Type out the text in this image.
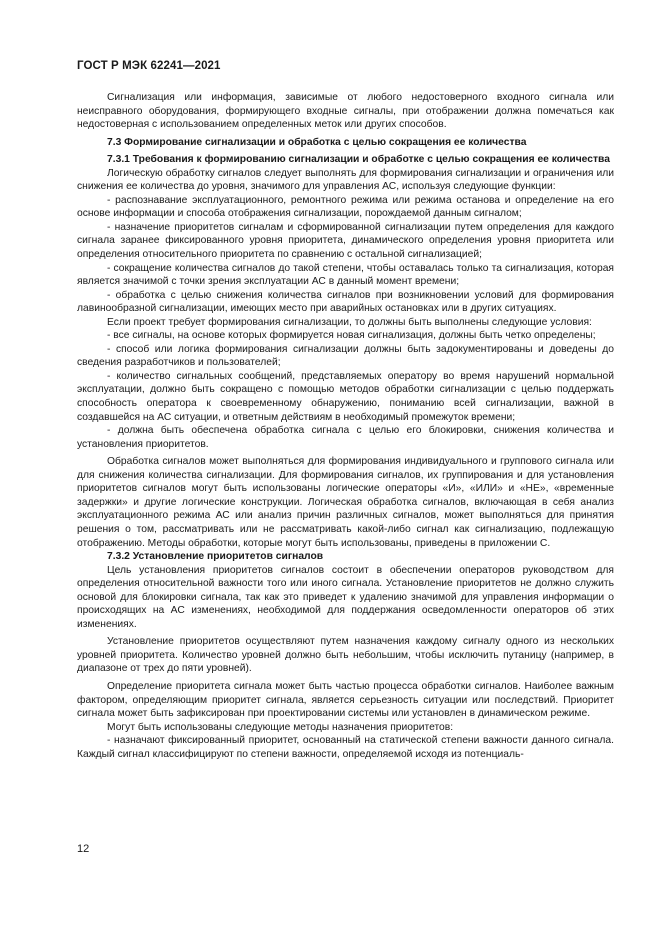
ГОСТ Р МЭК 62241—2021

Сигнализация или информация, зависимые от любого недостоверного входного сигнала или неисправного оборудования, формирующего входные сигналы, при отображении должна помечаться как недостоверная с использованием определенных меток или других способов.

7.3 Формирование сигнализации и обработка с целью сокращения ее количества

7.3.1 Требования к формированию сигнализации и обработке с целью сокращения ее количества

Логическую обработку сигналов следует выполнять для формирования сигнализации и ограничения или снижения ее количества до уровня, значимого для управления АС, используя следующие функции:

- распознавание эксплуатационного, ремонтного режима или режима останова и определение на его основе информации и способа отображения сигнализации, порождаемой данным сигналом;

- назначение приоритетов сигналам и сформированной сигнализации путем определения для каждого сигнала заранее фиксированного уровня приоритета, динамического определения уровня приоритета или определения относительного приоритета по сравнению с остальной сигнализацией;

- сокращение количества сигналов до такой степени, чтобы оставалась только та сигнализация, которая является значимой с точки зрения эксплуатации АС в данный момент времени;

- обработка с целью снижения количества сигналов при возникновении условий для формирования лавинообразной сигнализации, имеющих место при аварийных остановках или в других ситуациях.

Если проект требует формирования сигнализации, то должны быть выполнены следующие условия:

- все сигналы, на основе которых формируется новая сигнализация, должны быть четко определены;

- способ или логика формирования сигнализации должны быть задокументированы и доведены до сведения разработчиков и пользователей;

- количество сигнальных сообщений, представляемых оператору во время нарушений нормальной эксплуатации, должно быть сокращено с помощью методов обработки сигнализации с целью поддержать способность оператора к своевременному обнаружению, пониманию всей сигнализации, важной в создавшейся на АС ситуации, и ответным действиям в необходимый промежуток времени;

- должна быть обеспечена обработка сигнала с целью его блокировки, снижения количества и установления приоритетов.

Обработка сигналов может выполняться для формирования индивидуального и группового сигнала или для снижения количества сигнализации. Для формирования сигналов, их группирования и для установления приоритетов сигналов могут быть использованы логические операторы «И», «ИЛИ» и «НЕ», «временные задержки» и другие логические конструкции. Логическая обработка сигналов, включающая в себя анализ эксплуатационного режима АС или анализ причин различных сигналов, может выполняться для принятия решения о том, рассматривать или не рассматривать какой-либо сигнал как сигнализацию, подлежащую отображению. Методы обработки, которые могут быть использованы, приведены в приложении С.

7.3.2 Установление приоритетов сигналов

Цель установления приоритетов сигналов состоит в обеспечении операторов руководством для определения относительной важности того или иного сигнала. Установление приоритетов не должно служить основой для блокировки сигнала, так как это приведет к удалению значимой для управления информации о происходящих на АС изменениях, необходимой для поддержания осведомленности операторов об этих изменениях.

Установление приоритетов осуществляют путем назначения каждому сигналу одного из нескольких уровней приоритета. Количество уровней должно быть небольшим, чтобы исключить путаницу (например, в диапазоне от трех до пяти уровней).

Определение приоритета сигнала может быть частью процесса обработки сигналов. Наиболее важным фактором, определяющим приоритет сигнала, является серьезность ситуации или последствий. Приоритет сигнала может быть зафиксирован при проектировании системы или установлен в динамическом режиме.

Могут быть использованы следующие методы назначения приоритетов:

- назначают фиксированный приоритет, основанный на статической степени важности данного сигнала. Каждый сигнал классифицируют по степени важности, определяемой исходя из потенциаль-

12
